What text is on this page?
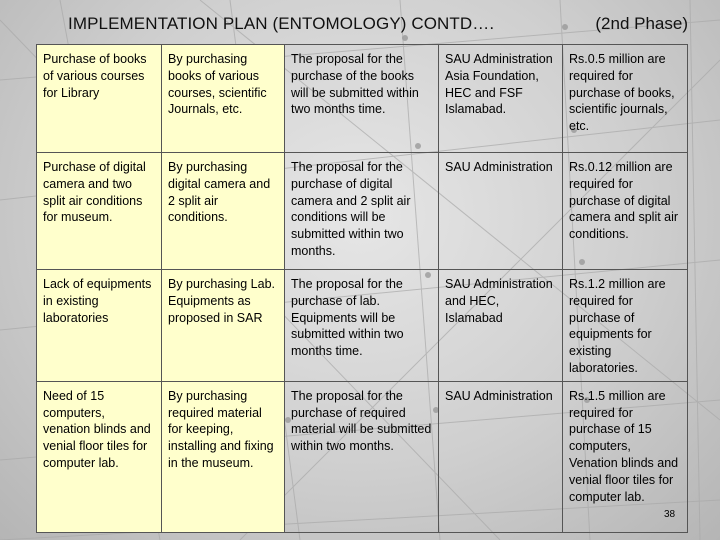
IMPLEMENTATION PLAN (ENTOMOLOGY) CONTD….	(2nd Phase)
Purchase of books of various courses for Library	By purchasing books of various courses, scientific Journals, etc.	The proposal for the purchase of the books will be submitted within two months time.	SAU Administration Asia Foundation, HEC and FSF Islamabad.	Rs.0.5 million are required for purchase of books, scientific journals, etc.
Purchase of digital camera and two split air conditions for museum.	By purchasing digital camera and 2 split air conditions.	The proposal for the purchase of digital camera and 2 split air conditions will be submitted within two months.	SAU Administration	Rs.0.12 million are required for purchase of digital camera and split air conditions.
Lack of equipments in existing laboratories	By purchasing Lab. Equipments as proposed in SAR	The proposal for the purchase of lab. Equipments will be submitted within two months time.	SAU Administration and HEC, Islamabad	Rs.1.2 million are required for purchase of equipments for existing laboratories.
Need of 15 computers, venation blinds and venial floor tiles for computer lab.	By purchasing required material for keeping, installing and fixing in the museum.	The proposal for the purchase of required material will be submitted within two months.	SAU Administration	Rs.1.5 million are required for purchase of 15 computers, Venation blinds and venial floor tiles for computer lab.
38
